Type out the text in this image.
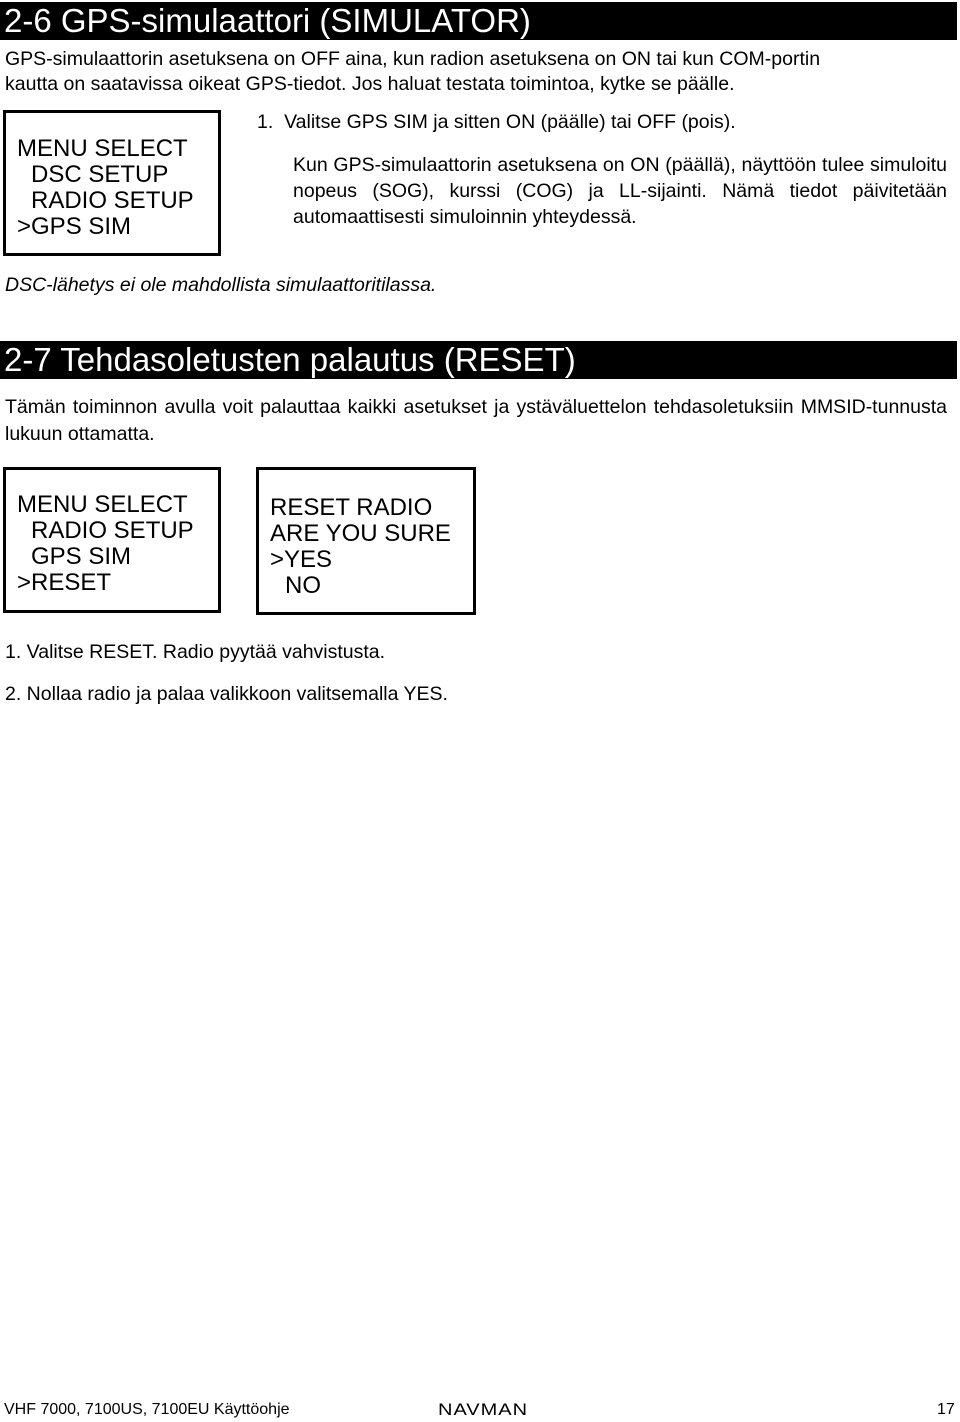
2-6 GPS-simulaattori (SIMULATOR)
GPS-simulaattorin asetuksena on OFF aina, kun radion asetuksena on ON tai kun COM-portin
kautta on saatavissa oikeat GPS-tiedot. Jos haluat testata toimintoa, kytke se päälle.
MENU SELECT
DSC SETUP
RADIO SETUP
>GPS SIM
1.  Valitse GPS SIM ja sitten ON (päälle) tai OFF (pois).
Kun GPS-simulaattorin asetuksena on ON (päällä), näyttöön tulee simuloitu nopeus (SOG), kurssi (COG) ja LL-sijainti. Nämä tiedot päivitetään automaattisesti simuloinnin yhteydessä.
DSC-lähetys ei ole mahdollista simulaattoritilassa.
2-7 Tehdasoletusten palautus (RESET)
Tämän toiminnon avulla voit palauttaa kaikki asetukset ja ystäväluettelon tehdasoletuksiin MMSID-tunnusta lukuun ottamatta.
MENU SELECT
RADIO SETUP
GPS SIM
>RESET
RESET RADIO
ARE YOU SURE
>YES
NO
1. Valitse RESET. Radio pyytää vahvistusta.
2. Nollaa radio ja palaa valikkoon valitsemalla YES.
VHF 7000, 7100US, 7100EU Käyttöohje	NAVMAN	17
